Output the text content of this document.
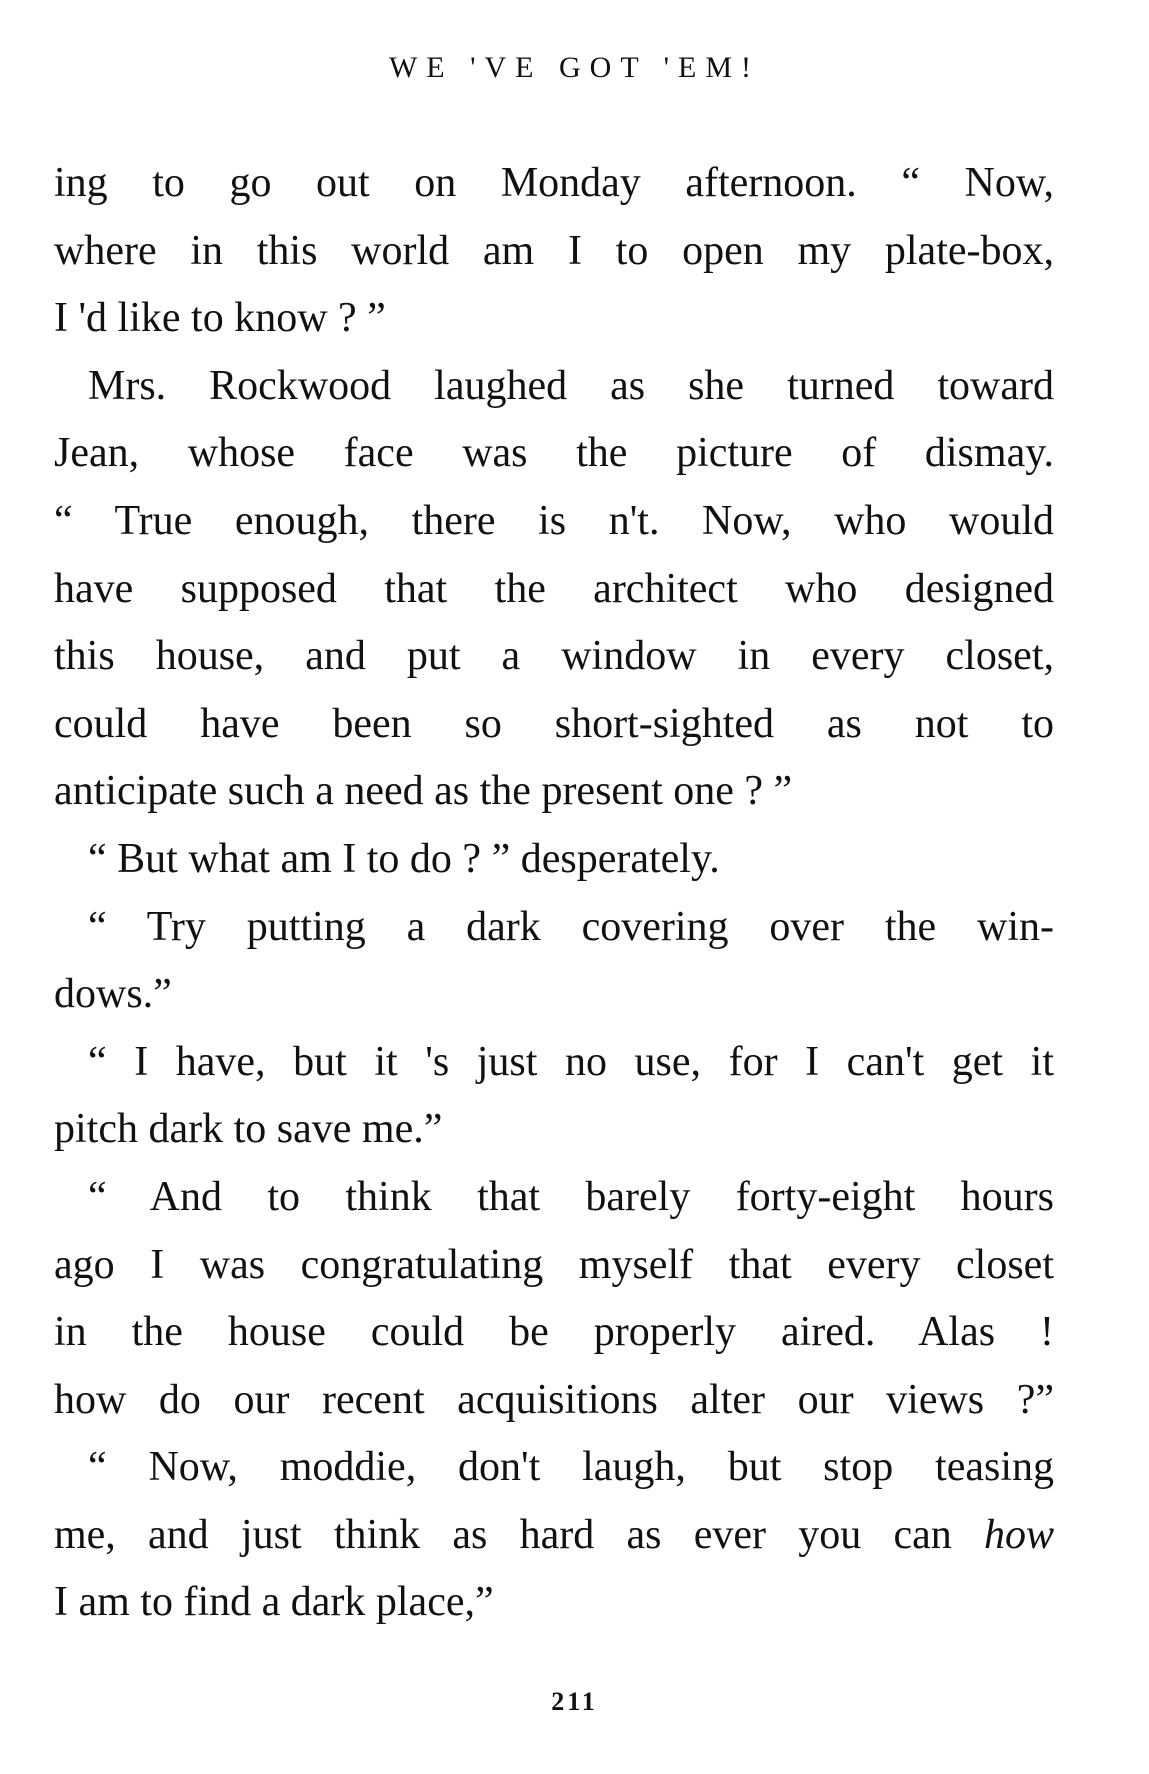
WE 'VE GOT 'EM!
ing to go out on Monday afternoon. “ Now,
where in this world am I to open my plate-box,
I 'd like to know ? ”
Mrs. Rockwood laughed as she turned toward
Jean, whose face was the picture of dismay.
“ True enough, there is n't. Now, who would
have supposed that the architect who designed
this house, and put a window in every closet,
could have been so short-sighted as not to
anticipate such a need as the present one ? ”
“ But what am I to do ? ” desperately.
“ Try putting a dark covering over the win-
dows.”
“ I have, but it 's just no use, for I can't get it
pitch dark to save me.”
“ And to think that barely forty-eight hours
ago I was congratulating myself that every closet
in the house could be properly aired. Alas !
how do our recent acquisitions alter our views ?”
“ Now, moddie, don't laugh, but stop teasing
me, and just think as hard as ever you can how
I am to find a dark place,”
211
